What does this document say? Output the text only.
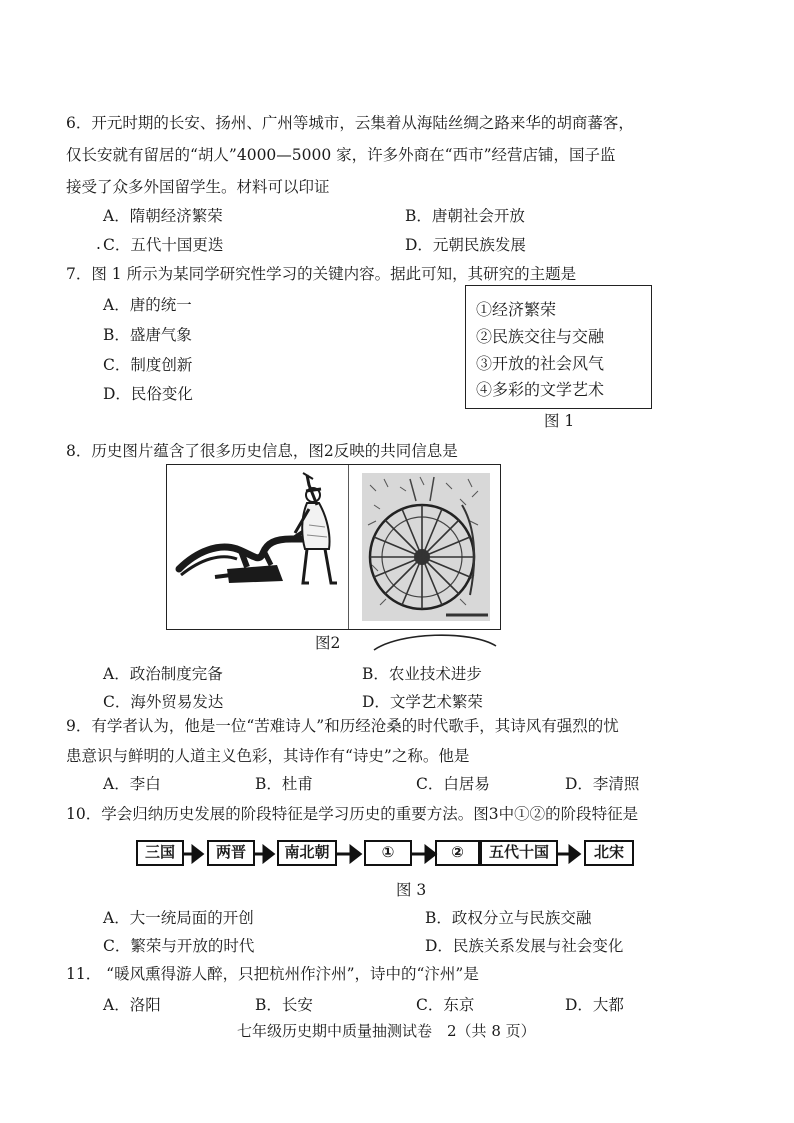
6．开元时期的长安、扬州、广州等城市，云集着从海陆丝绸之路来华的胡商蕃客，
仅长安就有留居的“胡人”4000—5000 家，许多外商在“西市”经营店铺，国子监
接受了众多外国留学生。材料可以印证
A．隋朝经济繁荣	B．唐朝社会开放
. C．五代十国更迭	D．元朝民族发展
7．图 1 所示为某同学研究性学习的关键内容。据此可知，其研究的主题是
A．唐的统一
B．盛唐气象
C．制度创新
D．民俗变化
①经济繁荣
②民族交往与交融
③开放的社会风气
④多彩的文学艺术
图 1
8．历史图片蕴含了很多历史信息，图2反映的共同信息是
图2
A．政治制度完备	B．农业技术进步
C．海外贸易发达	D．文学艺术繁荣
9．有学者认为，他是一位“苦难诗人”和历经沧桑的时代歌手，其诗风有强烈的忧
患意识与鲜明的人道主义色彩，其诗作有“诗史”之称。他是
A．李白	B．杜甫	C．白居易	D．李清照
10．学会归纳历史发展的阶段特征是学习历史的重要方法。图3中①②的阶段特征是
三国	两晋	南北朝	①	②	五代十国	北宋
图 3
A．大一统局面的开创	B．政权分立与民族交融
C．繁荣与开放的时代	D．民族关系发展与社会变化
11． “暖风熏得游人醉，只把杭州作汴州”，诗中的“汴州”是
A．洛阳	B．长安	C．东京	D．大都
七年级历史期中质量抽测试卷　2（共 8 页）
